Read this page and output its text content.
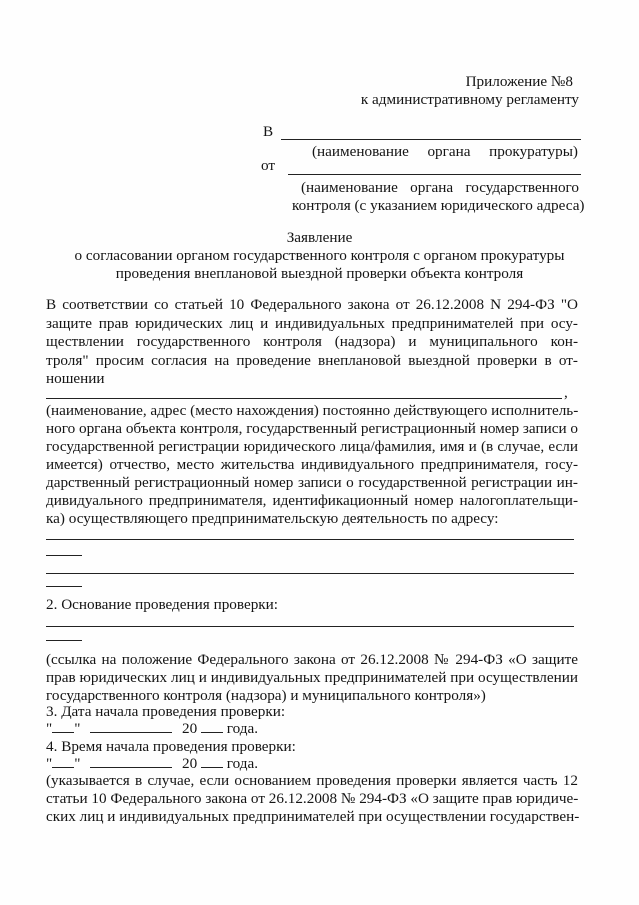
Приложение №8
к административному регламенту
В
(наименование органа прокуратуры)
от
(наименование органа государственного
контроля (с указанием юридического адреса)
Заявление
о согласовании органом государственного контроля с органом прокуратуры
проведения внеплановой выездной проверки объекта контроля
В соответствии со статьей 10 Федерального закона от 26.12.2008 N 294-ФЗ "О
защите прав юридических лиц и индивидуальных предпринимателей при осу-
ществлении государственного контроля (надзора) и муниципального кон-
троля" просим согласия на проведение внеплановой выездной проверки в от-
ношении
,
(наименование, адрес (место нахождения) постоянно действующего исполнитель-
ного органа объекта контроля, государственный регистрационный номер записи о
государственной регистрации юридического лица/фамилия, имя и (в случае, если
имеется) отчество, место жительства индивидуального предпринимателя, госу-
дарственный регистрационный номер записи о государственной регистрации ин-
дивидуального предпринимателя, идентификационный номер налогоплательщи-
ка) осуществляющего предпринимательскую деятельность по адресу:
2. Основание проведения проверки:
(ссылка на положение Федерального закона от 26.12.2008 № 294-ФЗ «О защите
прав юридических лиц и индивидуальных предпринимателей при осуществлении
государственного контроля (надзора) и муниципального контроля»)
3. Дата начала проведения проверки:
" "	20 года.
4. Время начала проведения проверки:
" "	20 года.
(указывается в случае, если основанием проведения проверки является часть 12
статьи 10 Федерального закона от 26.12.2008 № 294-ФЗ «О защите прав юридиче-
ских лиц и индивидуальных предпринимателей при осуществлении государствен-
